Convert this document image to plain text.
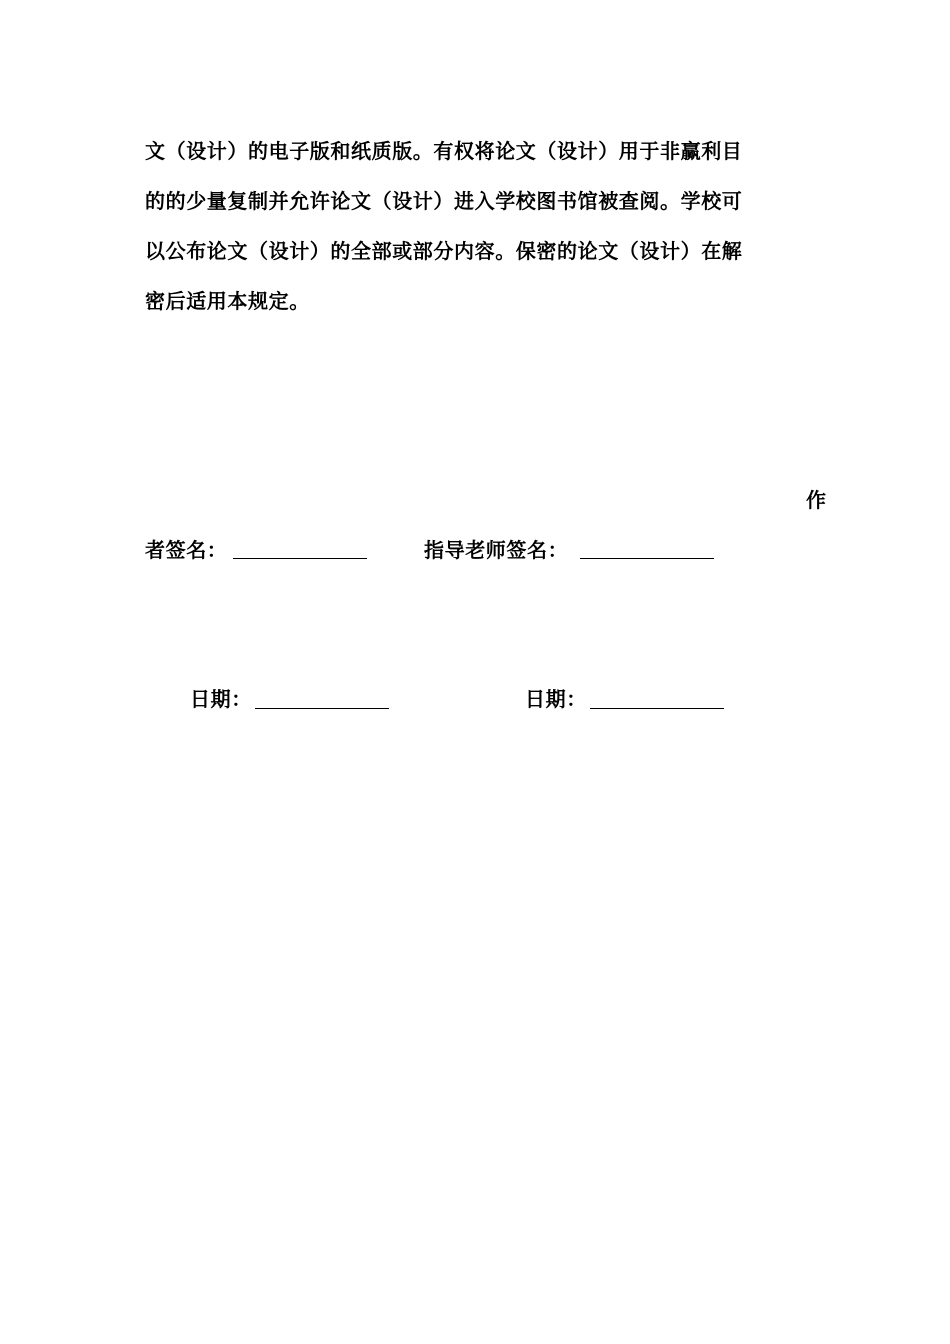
文（设计）的电子版和纸质版。有权将论文（设计）用于非赢利目
的的少量复制并允许论文（设计）进入学校图书馆被查阅。学校可
以公布论文（设计）的全部或部分内容。保密的论文（设计）在解
密后适用本规定。
作
者签名：	指导老师签名：
日期：	日期：
